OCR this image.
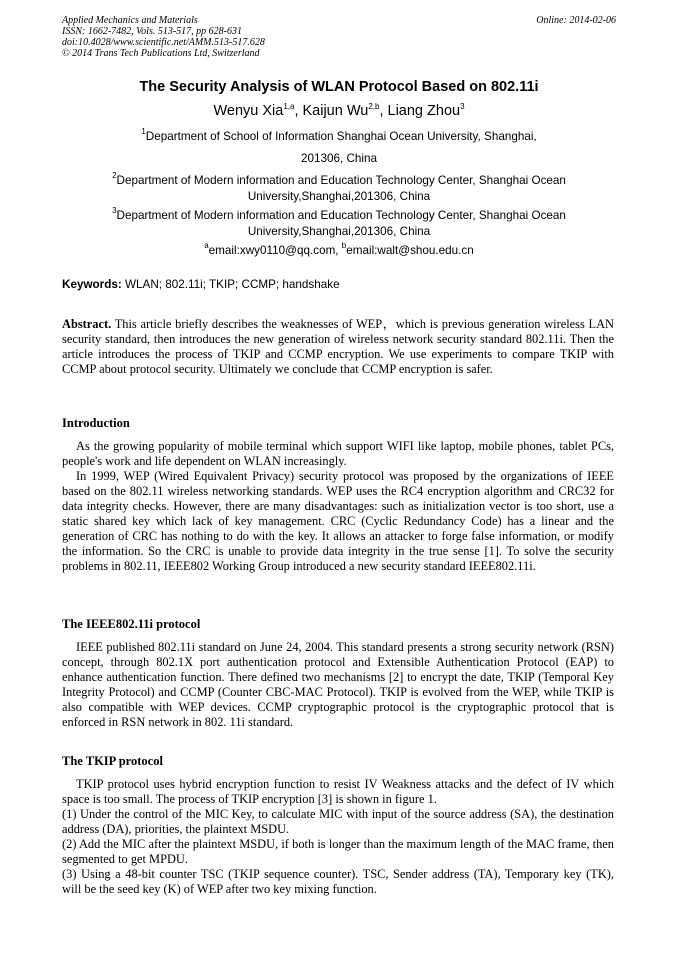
Applied Mechanics and Materials
ISSN: 1662-7482, Vols. 513-517, pp 628-631
doi:10.4028/www.scientific.net/AMM.513-517.628
© 2014 Trans Tech Publications Ltd, Switzerland
Online: 2014-02-06
The Security Analysis of WLAN Protocol Based on 802.11i
Wenyu Xia$^{1,a}$, Kaijun Wu$^{2,b}$, Liang Zhou$^3$
$^1$Department of School of Information Shanghai Ocean University, Shanghai,
201306, China
$^2$Department of Modern information and Education Technology Center, Shanghai Ocean
University,Shanghai,201306, China
$^3$Department of Modern information and Education Technology Center, Shanghai Ocean
University,Shanghai,201306, China
$^a$email:xwy0110@qq.com, $^b$email:walt@shou.edu.cn
Keywords: WLAN; 802.11i; TKIP; CCMP; handshake
Abstract. This article briefly describes the weaknesses of WEP，which is previous generation wireless LAN security standard, then introduces the new generation of wireless network security standard 802.11i. Then the article introduces the process of TKIP and CCMP encryption. We use experiments to compare TKIP with CCMP about protocol security. Ultimately we conclude that CCMP encryption is safer.
Introduction

As the growing popularity of mobile terminal which support WIFI like laptop, mobile phones, tablet PCs, people's work and life dependent on WLAN increasingly.

In 1999, WEP (Wired Equivalent Privacy) security protocol was proposed by the organizations of IEEE based on the 802.11 wireless networking standards. WEP uses the RC4 encryption algorithm and CRC32 for data integrity checks. However, there are many disadvantages: such as initialization vector is too short, use a static shared key which lack of key management. CRC (Cyclic Redundancy Code) has a linear and the generation of CRC has nothing to do with the key. It allows an attacker to forge false information, or modify the information. So the CRC is unable to provide data integrity in the true sense [1]. To solve the security problems in 802.11, IEEE802 Working Group introduced a new security standard IEEE802.11i.

The IEEE802.11i protocol

IEEE published 802.11i standard on June 24, 2004. This standard presents a strong security network (RSN) concept, through 802.1X port authentication protocol and Extensible Authentication Protocol (EAP) to enhance authentication function. There defined two mechanisms [2] to encrypt the date, TKIP (Temporal Key Integrity Protocol) and CCMP (Counter CBC-MAC Protocol). TKIP is evolved from the WEP, while TKIP is also compatible with WEP devices. CCMP cryptographic protocol is the cryptographic protocol that is enforced in RSN network in 802. 11i standard.

The TKIP protocol

TKIP protocol uses hybrid encryption function to resist IV Weakness attacks and the defect of IV which space is too small. The process of TKIP encryption [3] is shown in figure 1.

(1) Under the control of the MIC Key, to calculate MIC with input of the source address (SA), the destination address (DA), priorities, the plaintext MSDU.

(2) Add the MIC after the plaintext MSDU, if both is longer than the maximum length of the MAC frame, then segmented to get MPDU.

(3) Using a 48-bit counter TSC (TKIP sequence counter). TSC, Sender address (TA), Temporary key (TK), will be the seed key (K) of WEP after two key mixing function.
